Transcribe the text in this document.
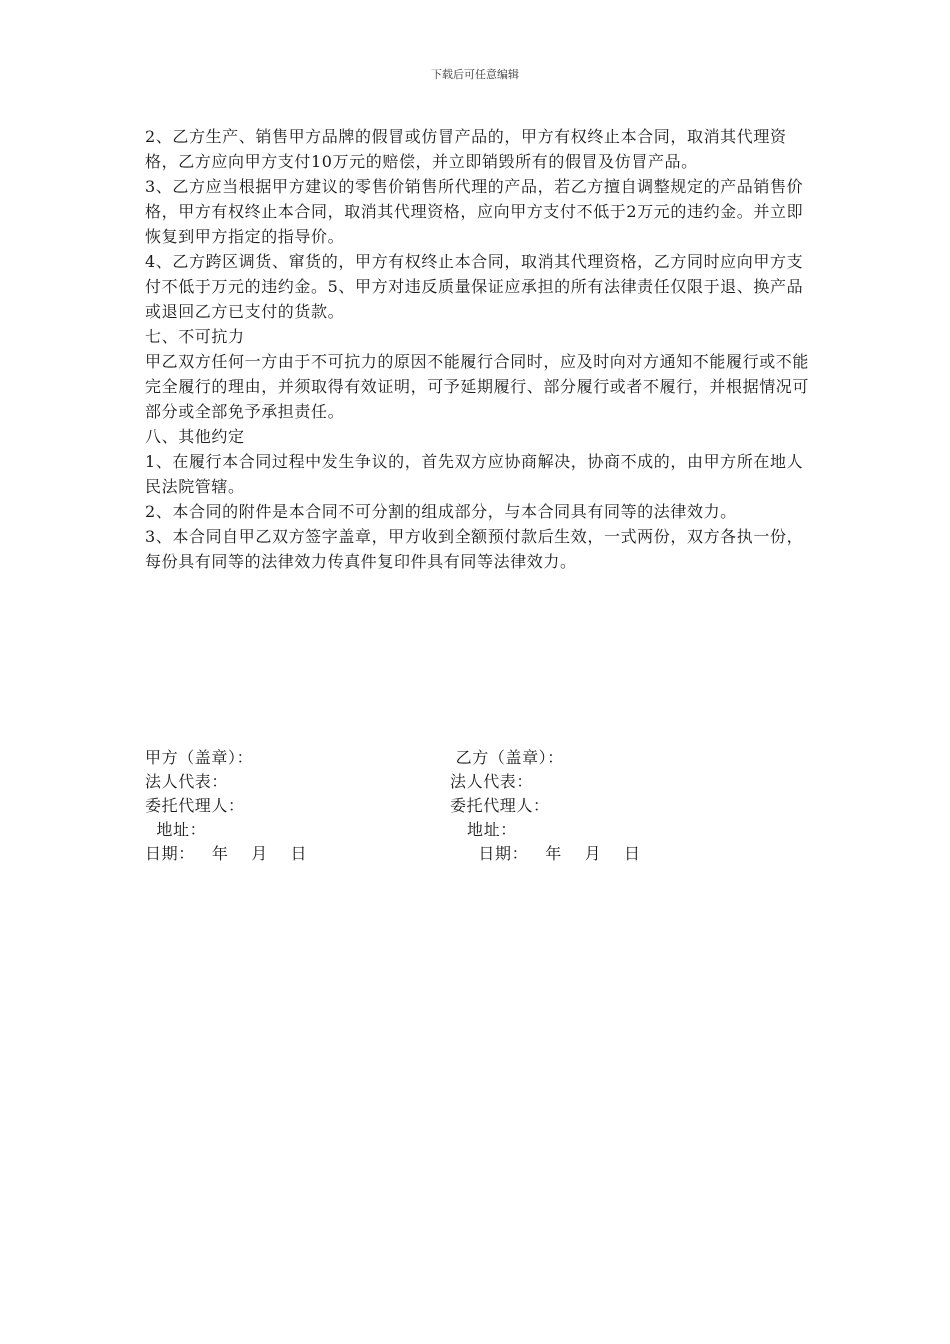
下载后可任意编辑

2、乙方生产、销售甲方品牌的假冒或仿冒产品的，甲方有权终止本合同，取消其代理资格，乙方应向甲方支付10万元的赔偿，并立即销毁所有的假冒及仿冒产品。

3、乙方应当根据甲方建议的零售价销售所代理的产品，若乙方擅自调整规定的产品销售价格，甲方有权终止本合同，取消其代理资格，应向甲方支付不低于2万元的违约金。并立即恢复到甲方指定的指导价。

4、乙方跨区调货、窜货的，甲方有权终止本合同，取消其代理资格，乙方同时应向甲方支付不低于万元的违约金。5、甲方对违反质量保证应承担的所有法律责任仅限于退、换产品或退回乙方已支付的货款。

七、不可抗力

甲乙双方任何一方由于不可抗力的原因不能履行合同时，应及时向对方通知不能履行或不能完全履行的理由，并须取得有效证明，可予延期履行、部分履行或者不履行，并根据情况可部分或全部免予承担责任。

八、其他约定

1、在履行本合同过程中发生争议的，首先双方应协商解决，协商不成的，由甲方所在地人民法院管辖。

2、本合同的附件是本合同不可分割的组成部分，与本合同具有同等的法律效力。

3、本合同自甲乙双方签字盖章，甲方收到全额预付款后生效，一式两份，双方各执一份，每份具有同等的法律效力传真件复印件具有同等法律效力。

甲方（盖章）：
法人代表：
委托代理人：
地址：
日期：   年    月    日
乙方（盖章）：
法人代表：
委托代理人：
地址：
日期：   年    月    日
